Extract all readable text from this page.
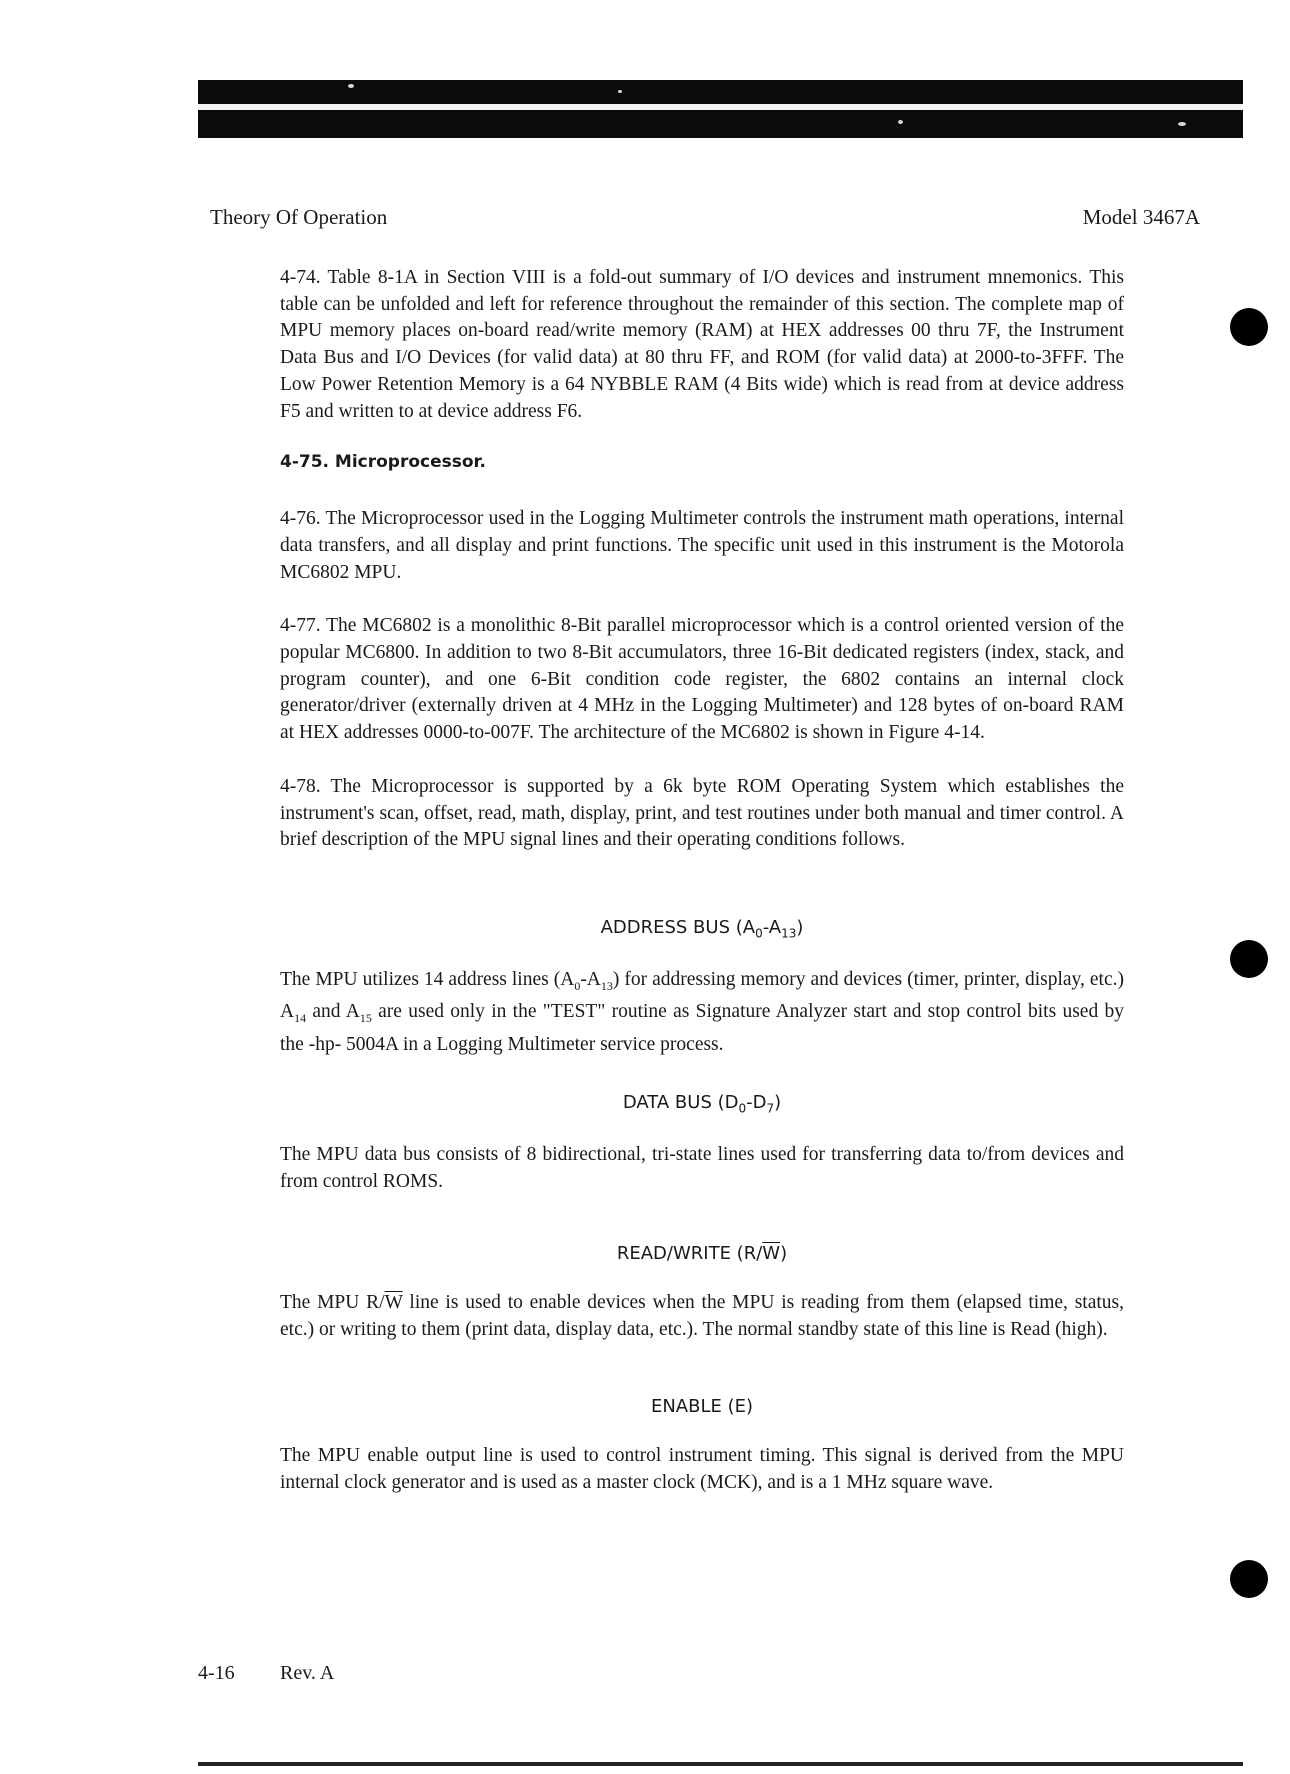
Theory Of Operation	Model 3467A

4-74. Table 8-1A in Section VIII is a fold-out summary of I/O devices and instrument mnemonics. This table can be unfolded and left for reference throughout the remainder of this section. The complete map of MPU memory places on-board read/write memory (RAM) at HEX addresses 00 thru 7F, the Instrument Data Bus and I/O Devices (for valid data) at 80 thru FF, and ROM (for valid data) at 2000-to-3FFF. The Low Power Retention Memory is a 64 NYBBLE RAM (4 Bits wide) which is read from at device address F5 and written to at device address F6.

4-75. Microprocessor.

4-76. The Microprocessor used in the Logging Multimeter controls the instrument math operations, internal data transfers, and all display and print functions. The specific unit used in this instrument is the Motorola MC6802 MPU.

4-77. The MC6802 is a monolithic 8-Bit parallel microprocessor which is a control oriented version of the popular MC6800. In addition to two 8-Bit accumulators, three 16-Bit dedicated registers (index, stack, and program counter), and one 6-Bit condition code register, the 6802 contains an internal clock generator/driver (externally driven at 4 MHz in the Logging Multimeter) and 128 bytes of on-board RAM at HEX addresses 0000-to-007F. The architecture of the MC6802 is shown in Figure 4-14.

4-78. The Microprocessor is supported by a 6k byte ROM Operating System which establishes the instrument's scan, offset, read, math, display, print, and test routines under both manual and timer control. A brief description of the MPU signal lines and their operating conditions follows.

ADDRESS BUS $(A_0-A_{13})$

The MPU utilizes 14 address lines $(A_0-A_{13})$ for addressing memory and devices (timer, printer, display, etc.) $A_{14}$ and $A_{15}$ are used only in the "TEST" routine as Signature Analyzer start and stop control bits used by the -hp- 5004A in a Logging Multimeter service process.

DATA BUS $(D_0-D_7)$

The MPU data bus consists of 8 bidirectional, tri-state lines used for transferring data to/from devices and from control ROMS.

READ/WRITE $(R/\overline{W})$

The MPU $R/\overline{W}$ line is used to enable devices when the MPU is reading from them (elapsed time, status, etc.) or writing to them (print data, display data, etc.). The normal standby state of this line is Read (high).

ENABLE (E)

The MPU enable output line is used to control instrument timing. This signal is derived from the MPU internal clock generator and is used as a master clock (MCK), and is a 1 MHz square wave.

4-16 Rev. A
